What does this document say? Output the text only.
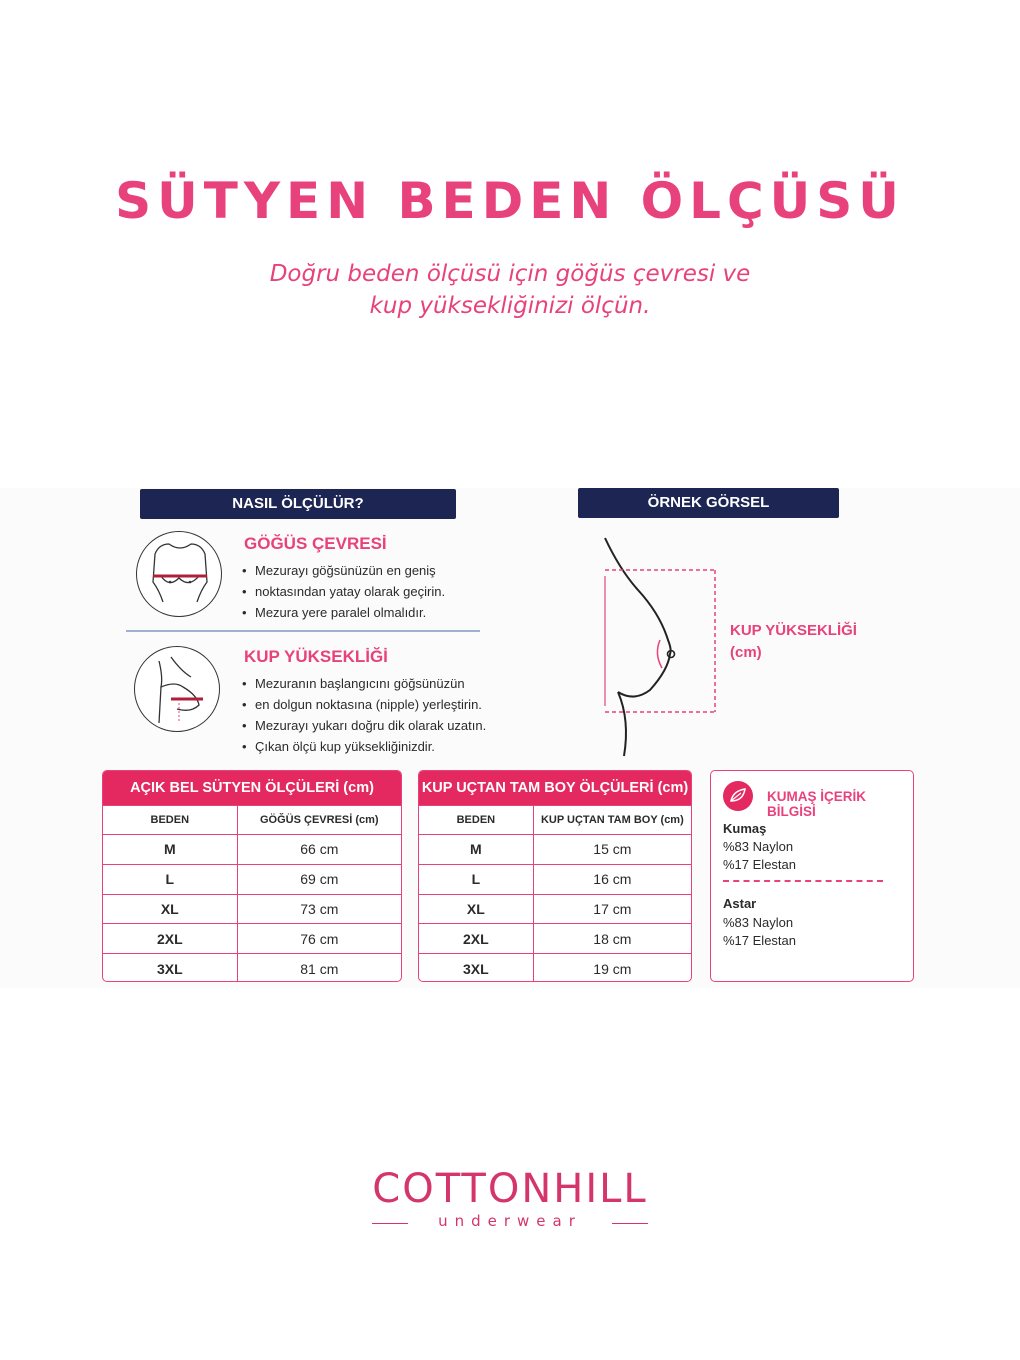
SÜTYEN BEDEN ÖLÇÜSÜ
Doğru beden ölçüsü için göğüs çevresi ve
kup yüksekliğinizi ölçün.
NASIL ÖLÇÜLÜR?
GÖĞÜS ÇEVRESİ
• Mezurayı göğsünüzün en geniş
• noktasından yatay olarak geçirin.
• Mezura yere paralel olmalıdır.
KUP YÜKSEKLİĞİ
• Mezuranın başlangıcını göğsünüzün
• en dolgun noktasına (nipple) yerleştirin.
• Mezurayı yukarı doğru dik olarak uzatın.
• Çıkan ölçü kup yüksekliğinizdir.
ÖRNEK GÖRSEL
KUP YÜKSEKLİĞİ
(cm)
AÇIK BEL SÜTYEN ÖLÇÜLERİ (cm)
BEDEN	GÖĞÜS ÇEVRESİ (cm)
M	66 cm
L	69 cm
XL	73 cm
2XL	76 cm
3XL	81 cm
KUP UÇTAN TAM BOY ÖLÇÜLERİ (cm)
BEDEN	KUP UÇTAN TAM BOY (cm)
M	15 cm
L	16 cm
XL	17 cm
2XL	18 cm
3XL	19 cm
KUMAŞ İÇERİK BİLGİSİ
Kumaş
%83 Naylon
%17 Elestan
Astar
%83 Naylon
%17 Elestan
COTTONHILL
underwear
